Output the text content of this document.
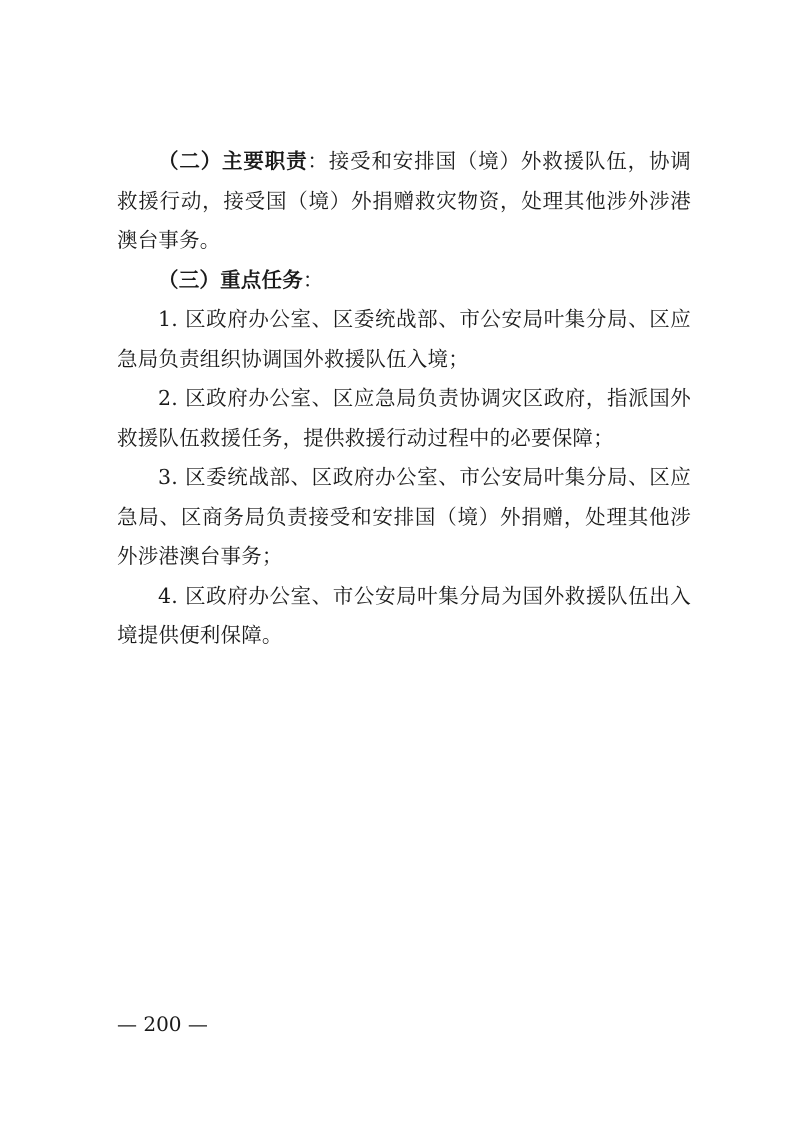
（二）主要职责：接受和安排国（境）外救援队伍，协调救援行动，接受国（境）外捐赠救灾物资，处理其他涉外涉港澳台事务。

（三）重点任务：

1. 区政府办公室、区委统战部、市公安局叶集分局、区应急局负责组织协调国外救援队伍入境；

2. 区政府办公室、区应急局负责协调灾区政府，指派国外救援队伍救援任务，提供救援行动过程中的必要保障；

3. 区委统战部、区政府办公室、市公安局叶集分局、区应急局、区商务局负责接受和安排国（境）外捐赠，处理其他涉外涉港澳台事务；

4. 区政府办公室、市公安局叶集分局为国外救援队伍出入境提供便利保障。

— 200 —
